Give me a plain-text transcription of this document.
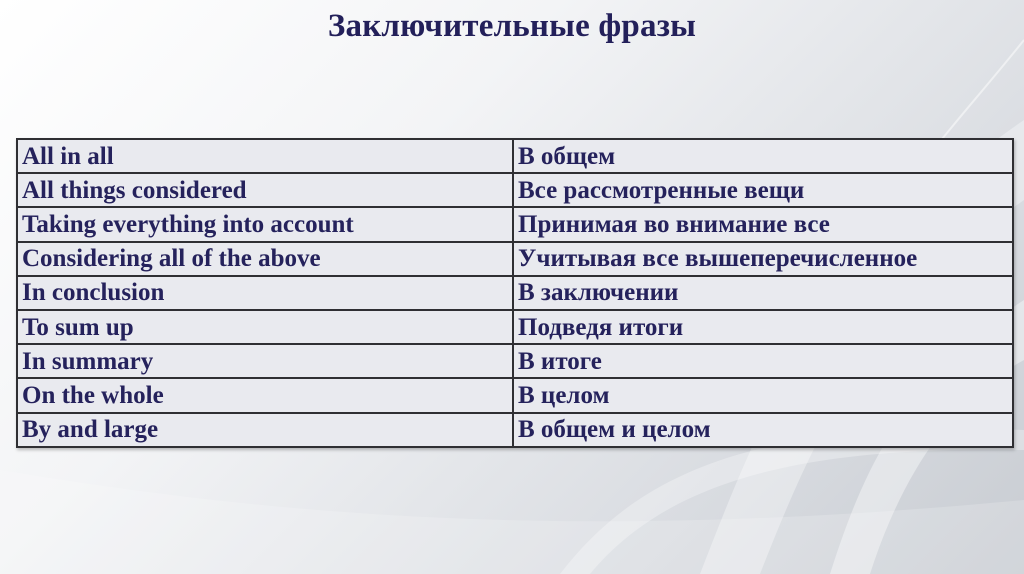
Заключительные фразы
All in all	В общем
All things considered	Все рассмотренные вещи
Taking everything into account	Принимая во внимание все
Considering all of the above	Учитывая все вышеперечисленное
In conclusion	В заключении
To sum up	Подведя итоги
In summary	В итоге
On the whole	В целом
By and large	В общем и целом
